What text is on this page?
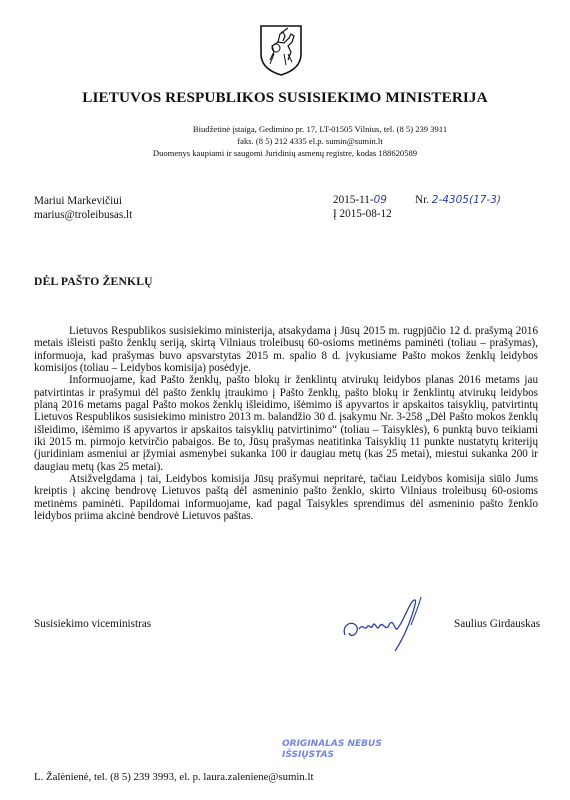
LIETUVOS RESPUBLIKOS SUSISIEKIMO MINISTERIJA
Biudžetinė įstaiga, Gedimino pr. 17, LT-01505 Vilnius, tel. (8 5) 239 3911
faks. (8 5) 212 4335 el.p. sumin@sumin.lt
Duomenys kaupiami ir saugomi Juridinių asmenų registre, kodas 188620589
Mariui Markevičiui
marius@troleibusas.lt
2015-11-09
Į 2015-08-12
Nr. 2-4305(17-3)
DĖL PAŠTO ŽENKLŲ

Lietuvos Respublikos susisiekimo ministerija, atsakydama į Jūsų 2015 m. rugpjūčio 12 d. prašymą 2016 metais išleisti pašto ženklų seriją, skirtą Vilniaus troleibusų 60-osioms metinėms paminėti (toliau – prašymas), informuoja, kad prašymas buvo apsvarstytas 2015 m. spalio 8 d. įvykusiame Pašto mokos ženklų leidybos komisijos (toliau – Leidybos komisija) posėdyje.

Informuojame, kad Pašto ženklų, pašto blokų ir ženklintų atvirukų leidybos planas 2016 metams jau patvirtintas ir prašymui dėl pašto ženklų įtraukimo į Pašto ženklų, pašto blokų ir ženklintų atvirukų leidybos planą 2016 metams pagal Pašto mokos ženklų išleidimo, išėmimo iš apyvartos ir apskaitos taisyklių, patvirtintų Lietuvos Respublikos susisiekimo ministro 2013 m. balandžio 30 d. įsakymu Nr. 3-258 „Dėl Pašto mokos ženklų išleidimo, išėmimo iš apyvartos ir apskaitos taisyklių patvirtinimo“ (toliau – Taisyklės), 6 punktą buvo teikiami iki 2015 m. pirmojo ketvirčio pabaigos. Be to, Jūsų prašymas neatitinka Taisyklių 11 punkte nustatytų kriterijų (juridiniam asmeniui ar įžymiai asmenybei sukanka 100 ir daugiau metų (kas 25 metai), miestui sukanka 200 ir daugiau metų (kas 25 metai).

Atsižvelgdama į tai, Leidybos komisija Jūsų prašymui nepritarė, tačiau Leidybos komisija siūlo Jums kreiptis į akcinę bendrovę Lietuvos paštą dėl asmeninio pašto ženklo, skirto Vilniaus troleibusų 60-osioms metinėms paminėti. Papildomai informuojame, kad pagal Taisykles sprendimus dėl asmeninio pašto ženklo leidybos priima akcinė bendrovė Lietuvos paštas.

Susisiekimo viceministras	Saulius Girdauskas
ORIGINALAS NEBUS
IŠSIŲSTAS
L. Žalėnienė, tel. (8 5) 239 3993, el. p. laura.zaleniene@sumin.lt
